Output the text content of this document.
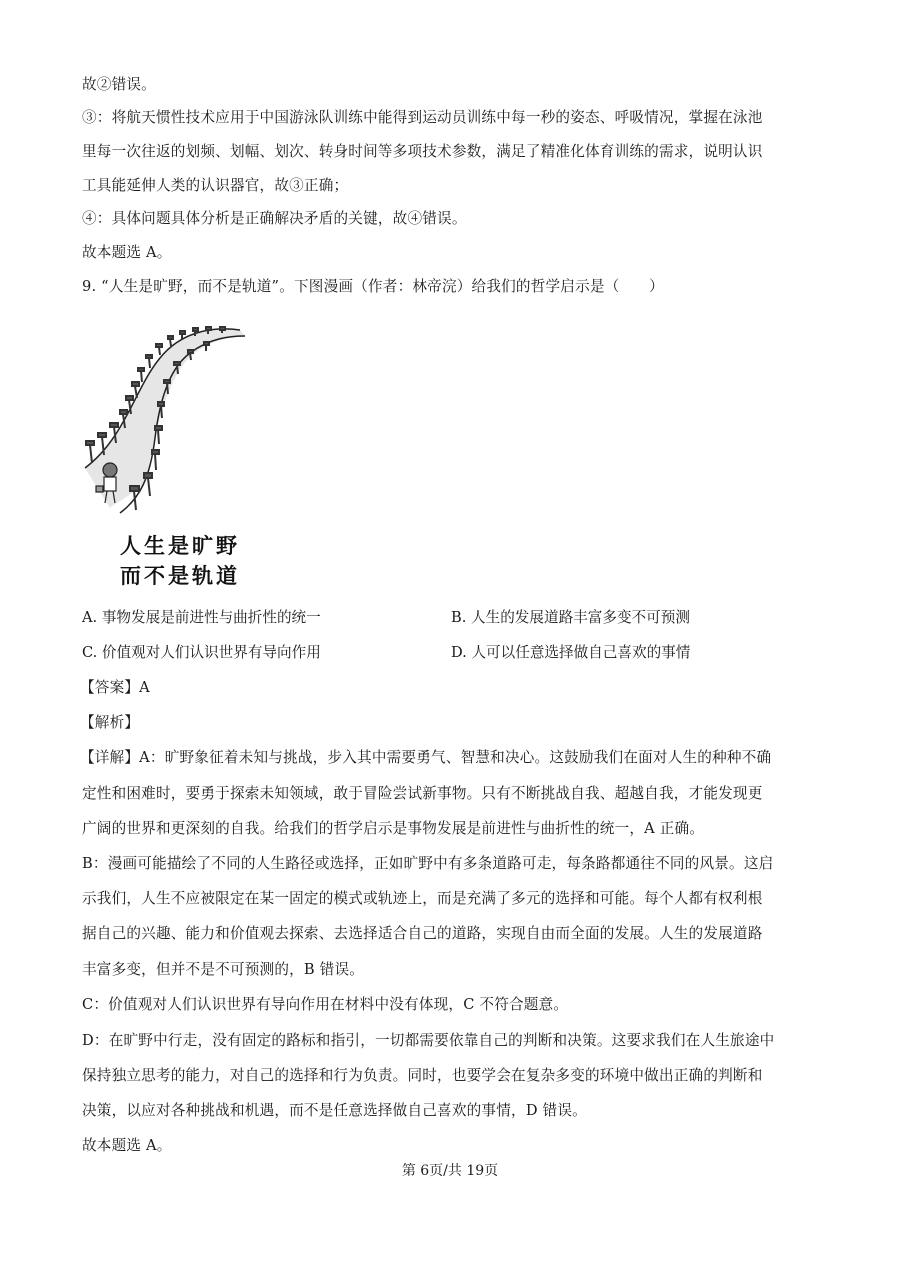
故②错误。
③：将航天惯性技术应用于中国游泳队训练中能得到运动员训练中每一秒的姿态、呼吸情况，掌握在泳池
里每一次往返的划频、划幅、划次、转身时间等多项技术参数，满足了精准化体育训练的需求，说明认识
工具能延伸人类的认识器官，故③正确；
④：具体问题具体分析是正确解决矛盾的关键，故④错误。
故本题选 A。
9. “人生是旷野，而不是轨道”。下图漫画（作者：林帝浣）给我们的哲学启示是（　　）
人生是旷野
而不是轨道
A. 事物发展是前进性与曲折性的统一	B. 人生的发展道路丰富多变不可预测
C. 价值观对人们认识世界有导向作用	D. 人可以任意选择做自己喜欢的事情
【答案】A
【解析】
【详解】A：旷野象征着未知与挑战，步入其中需要勇气、智慧和决心。这鼓励我们在面对人生的种种不确
定性和困难时，要勇于探索未知领域，敢于冒险尝试新事物。只有不断挑战自我、超越自我，才能发现更
广阔的世界和更深刻的自我。给我们的哲学启示是事物发展是前进性与曲折性的统一，A 正确。
B：漫画可能描绘了不同的人生路径或选择，正如旷野中有多条道路可走，每条路都通往不同的风景。这启
示我们，人生不应被限定在某一固定的模式或轨迹上，而是充满了多元的选择和可能。每个人都有权利根
据自己的兴趣、能力和价值观去探索、去选择适合自己的道路，实现自由而全面的发展。人生的发展道路
丰富多变，但并不是不可预测的，B 错误。
C：价值观对人们认识世界有导向作用在材料中没有体现，C 不符合题意。
D：在旷野中行走，没有固定的路标和指引，一切都需要依靠自己的判断和决策。这要求我们在人生旅途中
保持独立思考的能力，对自己的选择和行为负责。同时，也要学会在复杂多变的环境中做出正确的判断和
决策，以应对各种挑战和机遇，而不是任意选择做自己喜欢的事情，D 错误。
故本题选 A。
第 6页/共 19页
